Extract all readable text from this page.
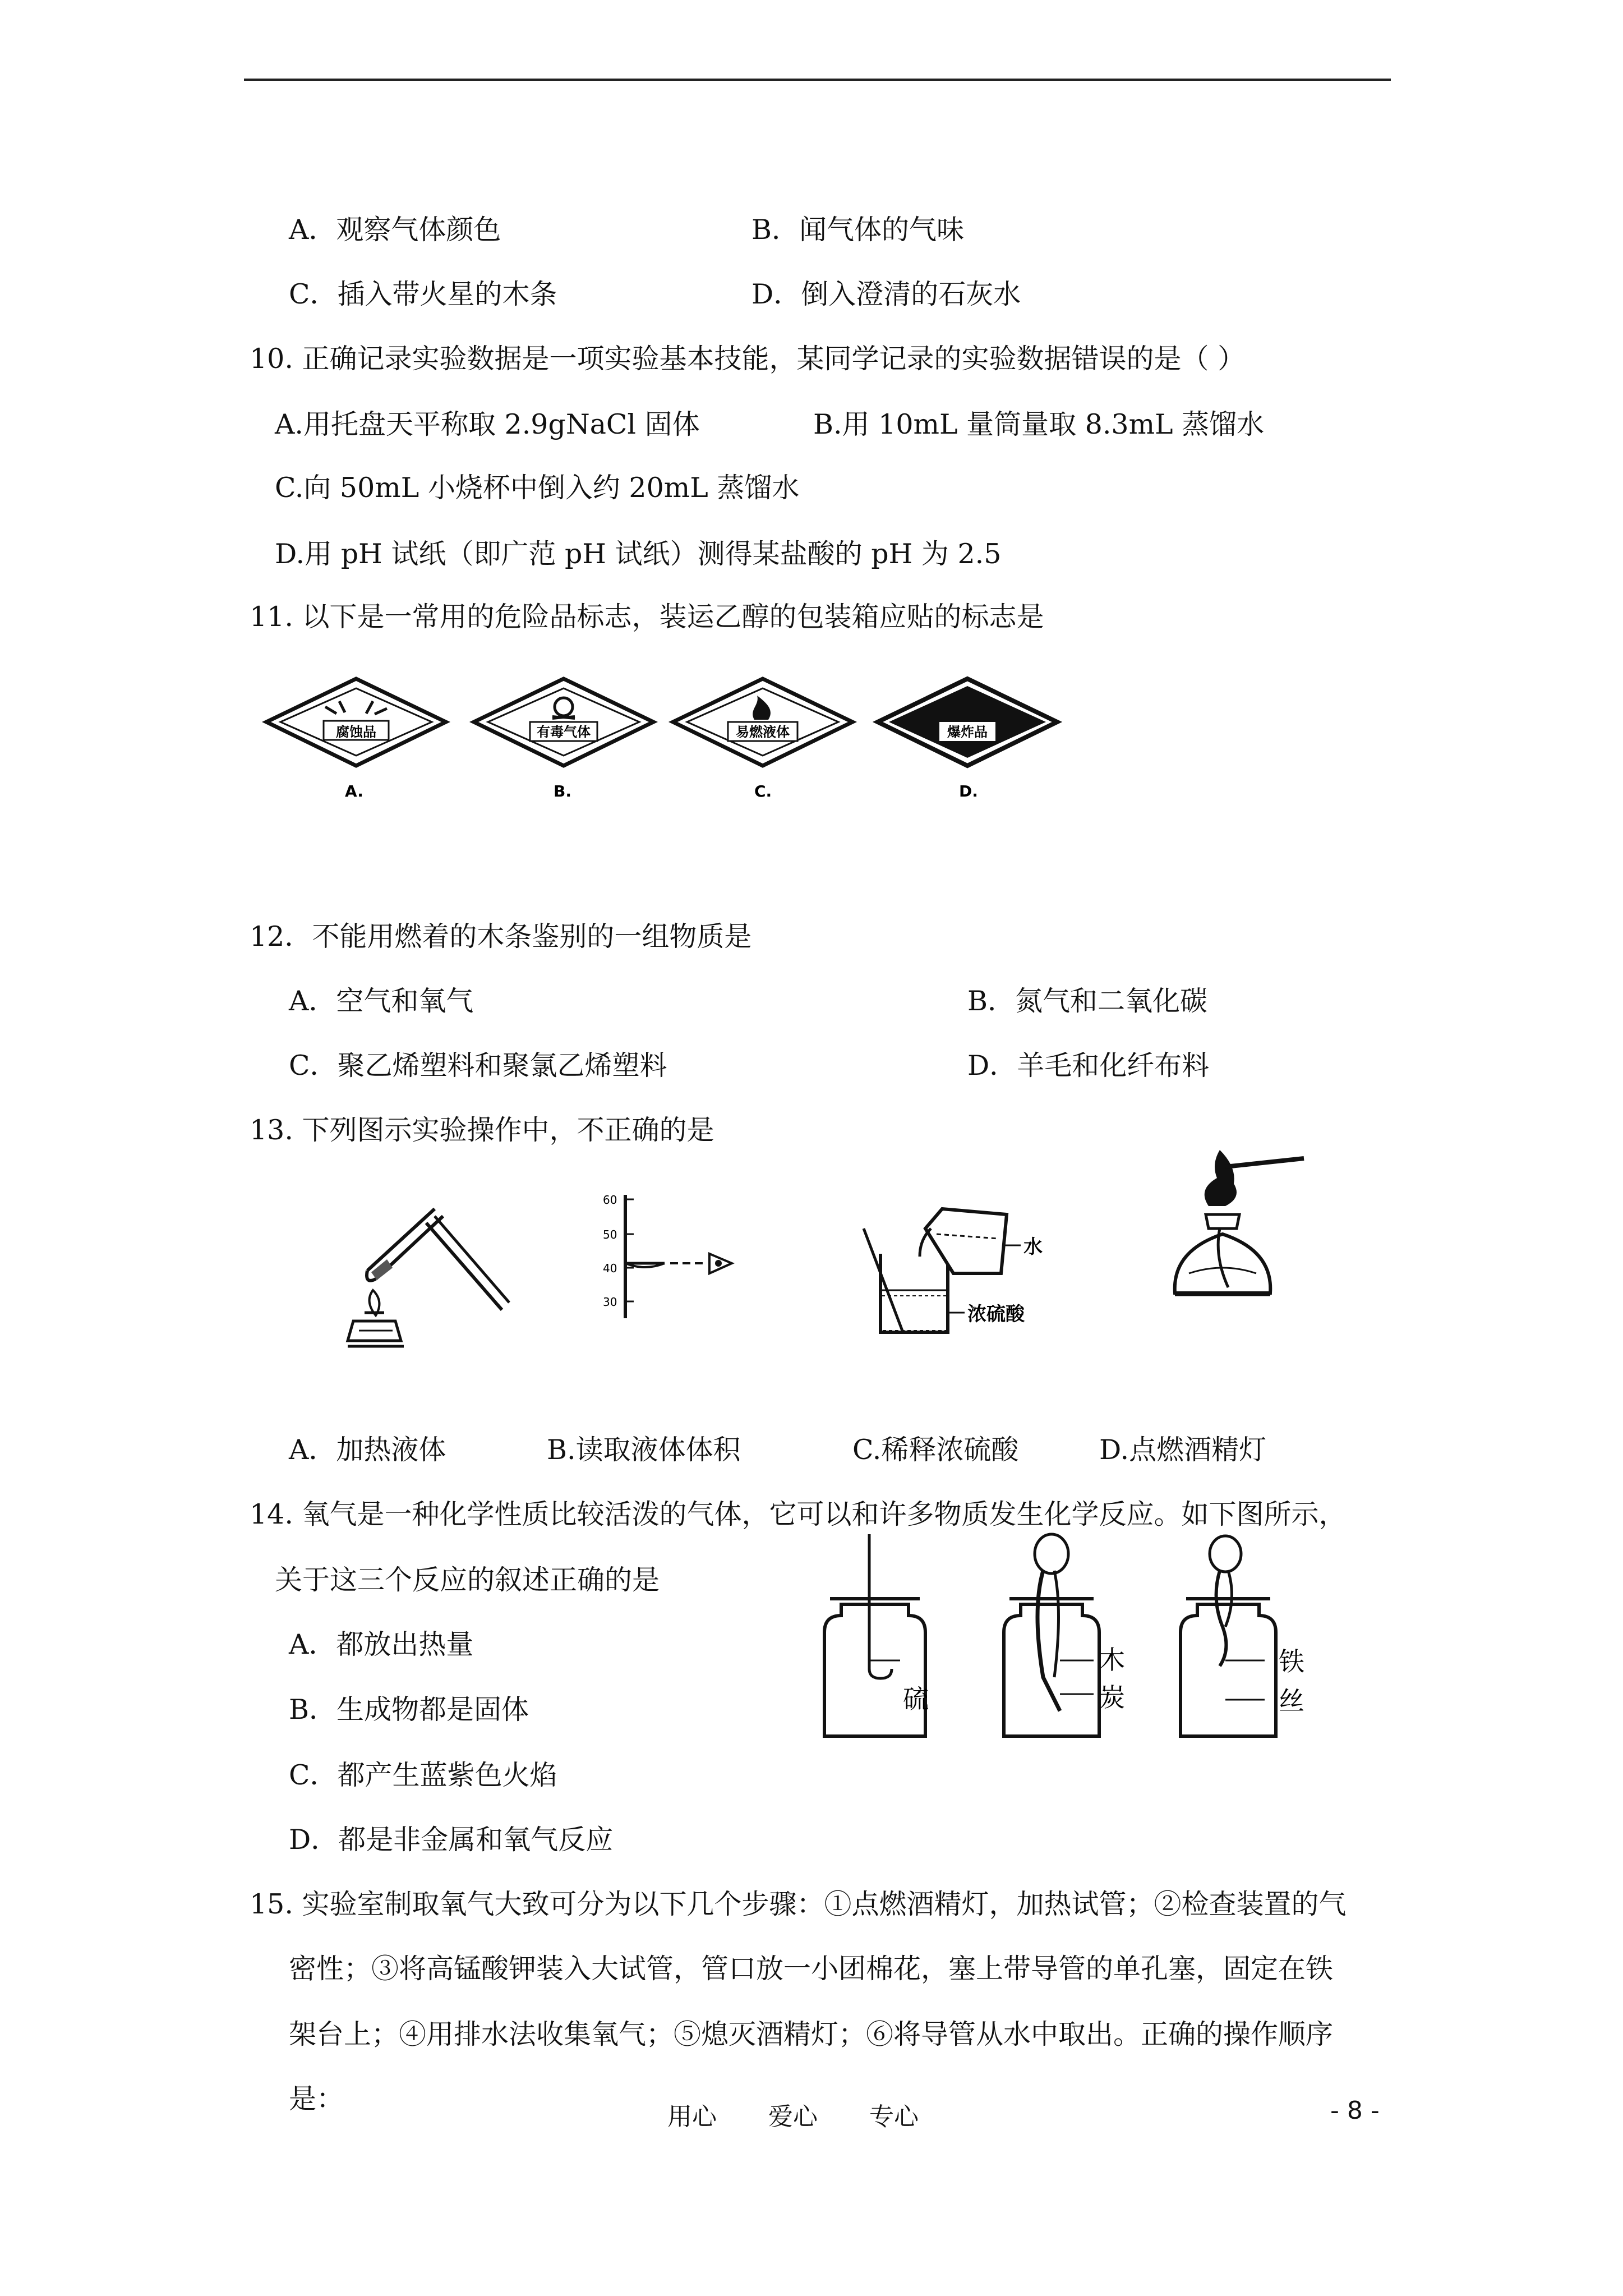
A．观察气体颜色	B．闻气体的气味
C．插入带火星的木条	D．倒入澄清的石灰水
10. 正确记录实验数据是一项实验基本技能，某同学记录的实验数据错误的是（ ）
A.用托盘天平称取 2.9gNaCl 固体	B.用 10mL 量筒量取 8.3mL 蒸馏水
C.向 50mL 小烧杯中倒入约 20mL 蒸馏水
D.用 pH 试纸（即广范 pH 试纸）测得某盐酸的 pH 为 2.5
11. 以下是一常用的危险品标志，装运乙醇的包装箱应贴的标志是
腐蚀品
A.
有毒气体
B.
易燃液体
C.
爆炸品
D.
12．不能用燃着的木条鉴别的一组物质是
A．空气和氧气	B．氮气和二氧化碳
C．聚乙烯塑料和聚氯乙烯塑料	D．羊毛和化纤布料
13. 下列图示实验操作中，不正确的是
60
50
40
30
水
浓硫酸
A．加热液体	B.读取液体体积	C.稀释浓硫酸	D.点燃酒精灯
14. 氧气是一种化学性质比较活泼的气体，它可以和许多物质发生化学反应。如下图所示，
关于这三个反应的叙述正确的是
A．都放出热量
B．生成物都是固体
C．都产生蓝紫色火焰
D．都是非金属和氧气反应
硫
木
炭
铁
丝
15. 实验室制取氧气大致可分为以下几个步骤：①点燃酒精灯，加热试管；②检查装置的气
密性；③将高锰酸钾装入大试管，管口放一小团棉花，塞上带导管的单孔塞，固定在铁
架台上；④用排水法收集氧气；⑤熄灭酒精灯；⑥将导管从水中取出。正确的操作顺序
是：
用心 爱心 专心	- 8 -
